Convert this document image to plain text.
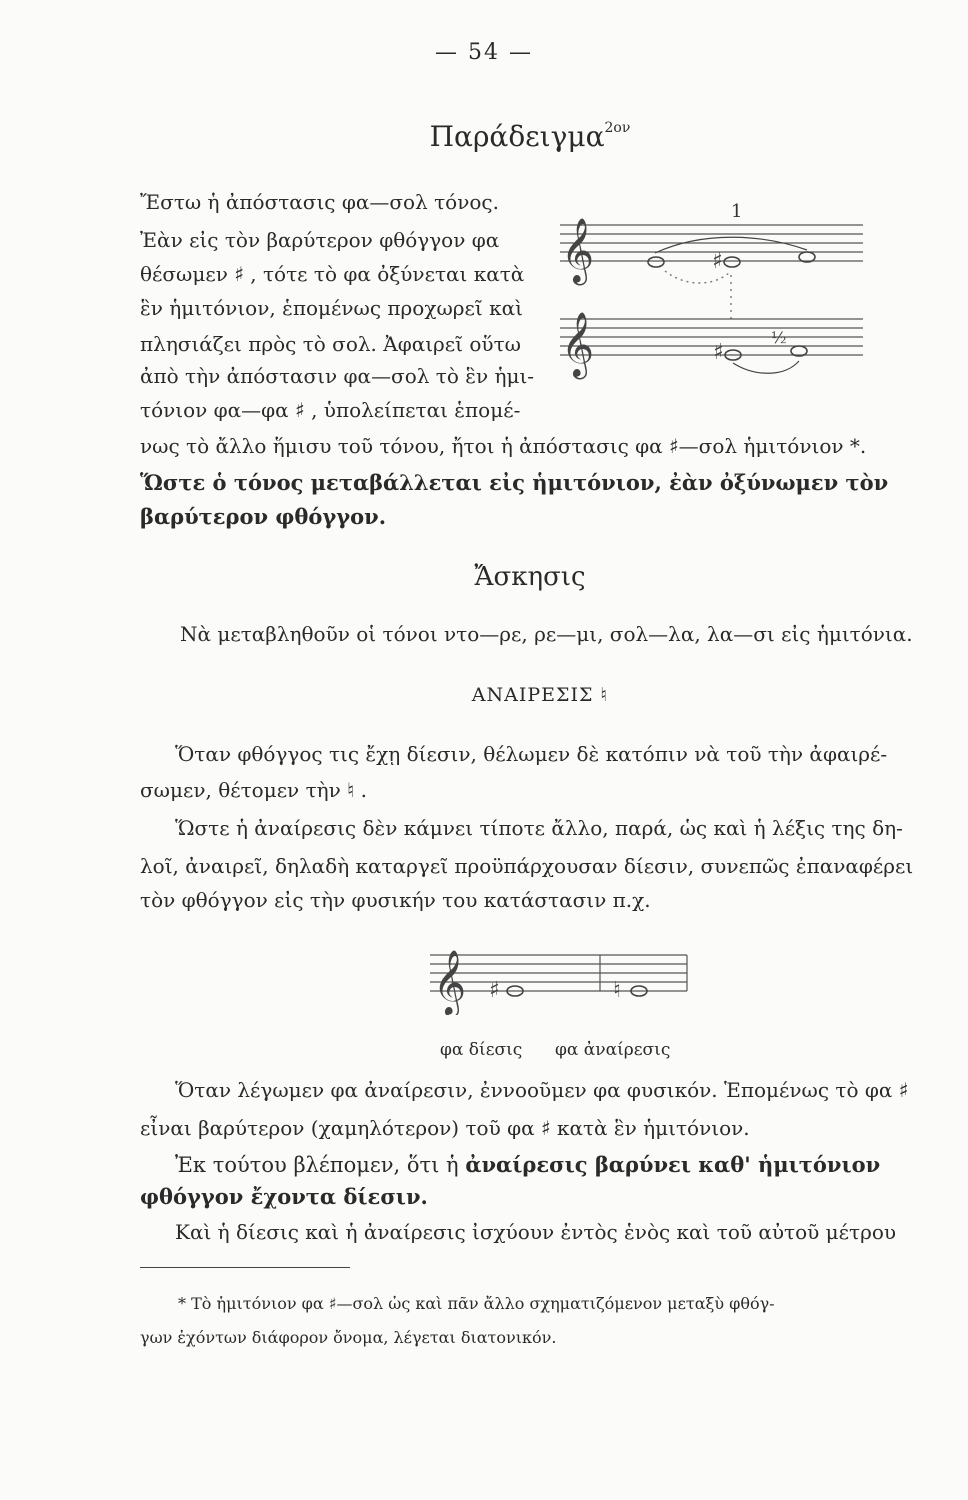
— 54 —
Παράδειγμα$^{2o\nu}$
Ἔστω ἡ ἀπόστασις φα—σολ τόνος.
Ἐὰν εἰς τὸν βαρύτερον φθόγγον φα
θέσωμεν ♯ , τότε τὸ φα ὀξύνεται κατὰ
ἓν ἡμιτόνιον, ἑπομένως προχωρεῖ καὶ
πλησιάζει πρὸς τὸ σολ. Ἀφαιρεῖ οὕτω
ἀπὸ τὴν ἀπόστασιν φα—σολ τὸ ἓν ἡμι-
τόνιον φα—φα ♯ , ὑπολείπεται ἑπομέ-
νως τὸ ἄλλο ἥμισυ τοῦ τόνου, ἤτοι ἡ ἀπόστασις φα ♯—σολ ἡμιτόνιον *.
1
𝄞	♯
𝄞	♯
½
Ὥστε ὁ τόνος μεταβάλλεται εἰς ἡμιτόνιον, ἐὰν ὀξύνωμεν τὸν
βαρύτερον φθόγγον.
Ἄσκησις
Νὰ μεταβληθοῦν οἱ τόνοι ντο—ρε, ρε—μι, σολ—λα, λα—σι εἰς ἡμιτόνια.
ΑΝΑΙΡΕΣΙΣ ♮
Ὅταν φθόγγος τις ἔχῃ δίεσιν, θέλωμεν δὲ κατόπιν νὰ τοῦ τὴν ἀφαιρέ-
σωμεν, θέτομεν τὴν ♮ .
Ὥστε ἡ ἀναίρεσις δὲν κάμνει τίποτε ἄλλο, παρά, ὡς καὶ ἡ λέξις της δη-
λοῖ, ἀναιρεῖ, δηλαδὴ καταργεῖ προϋπάρχουσαν δίεσιν, συνεπῶς ἐπαναφέρει
τὸν φθόγγον εἰς τὴν φυσικήν του κατάστασιν π.χ.
𝄞 ♯	♮
φα δίεσις φα ἀναίρεσις
Ὅταν λέγωμεν φα ἀναίρεσιν, ἐννοοῦμεν φα φυσικόν. Ἑπομένως τὸ φα ♯
εἶναι βαρύτερον (χαμηλότερον) τοῦ φα ♯ κατὰ ἓν ἡμιτόνιον.
Ἐκ τούτου βλέπομεν, ὅτι ἡ ἀναίρεσις βαρύνει καθ' ἡμιτόνιον
φθόγγον ἔχοντα δίεσιν.
Καὶ ἡ δίεσις καὶ ἡ ἀναίρεσις ἰσχύουν ἐντὸς ἑνὸς καὶ τοῦ αὐτοῦ μέτρου
* Τὸ ἡμιτόνιον φα ♯—σολ ὡς καὶ πᾶν ἄλλο σχηματιζόμενον μεταξὺ φθόγ-
γων ἐχόντων διάφορον ὄνομα, λέγεται διατονικόν.
